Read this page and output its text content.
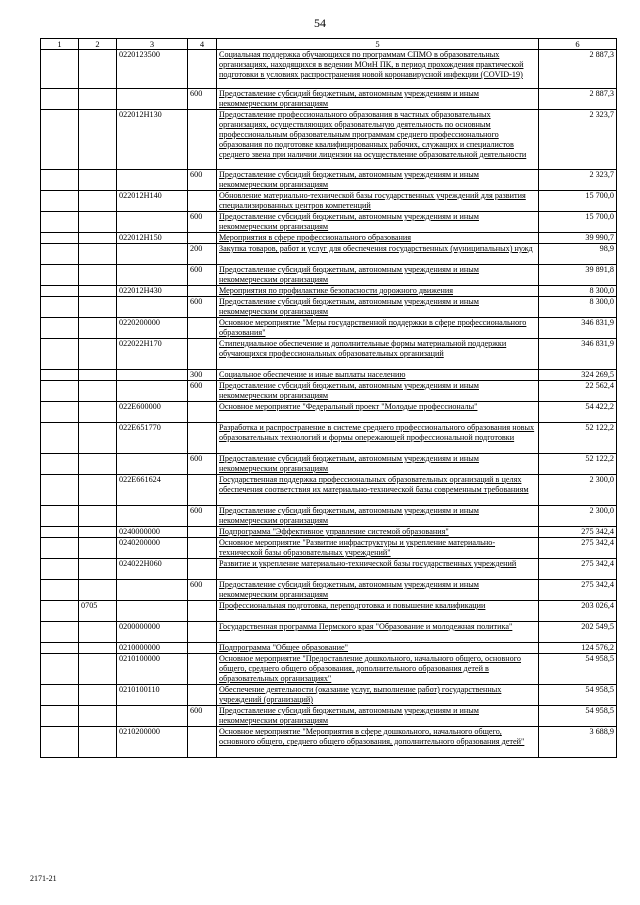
54
1	2	3	4	5	6
		0220123500		Социальная поддержка обучающихся по программам СПМО в образовательных организациях, находящихся в ведении МОиН ПК, в период прохождения практической подготовки в условиях распространения новой коронавирусной инфекции (COVID-19)	2 887,3
			600	Предоставление субсидий бюджетным, автономным учреждениям и иным некоммерческим организациям	2 887,3
		022012Н130		Предоставление профессионального образования в частных образовательных организациях, осуществляющих образовательную деятельность по основным профессиональным образовательным программам среднего профессионального образования по подготовке квалифицированных рабочих, служащих и специалистов среднего звена при наличии лицензии на осуществление образовательной деятельности	2 323,7
			600	Предоставление субсидий бюджетным, автономным учреждениям и иным некоммерческим организациям	2 323,7
		022012Н140		Обновление материально-технической базы государственных учреждений для развития специализированных центров компетенций	15 700,0
			600	Предоставление субсидий бюджетным, автономным учреждениям и иным некоммерческим организациям	15 700,0
		022012Н150		Мероприятия в сфере профессионального образования	39 990,7
			200	Закупка товаров, работ и услуг для обеспечения государственных (муниципальных) нужд	98,9
			600	Предоставление субсидий бюджетным, автономным учреждениям и иным некоммерческим организациям	39 891,8
		022012Н430		Мероприятия по профилактике безопасности дорожного движения	8 300,0
			600	Предоставление субсидий бюджетным, автономным учреждениям и иным некоммерческим организациям	8 300,0
		0220200000		Основное мероприятие "Меры государственной поддержки в сфере профессионального образования"	346 831,9
		022022Н170		Стипендиальное обеспечение и дополнительные формы материальной поддержки обучающихся профессиональных образовательных организаций	346 831,9
			300	Социальное обеспечение и иные выплаты населению	324 269,5
			600	Предоставление субсидий бюджетным, автономным учреждениям и иным некоммерческим организациям	22 562,4
		022Е600000		Основное мероприятие "Федеральный проект "Молодые профессионалы"	54 422,2
		022Е651770		Разработка и распространение в системе среднего профессионального образования новых образовательных технологий и формы опережающей профессиональной подготовки	52 122,2
			600	Предоставление субсидий бюджетным, автономным учреждениям и иным некоммерческим организациям	52 122,2
		022Е661624		Государственная поддержка профессиональных образовательных организаций в целях обеспечения соответствия их материально-технической базы современным требованиям	2 300,0
			600	Предоставление субсидий бюджетным, автономным учреждениям и иным некоммерческим организациям	2 300,0
		0240000000		Подпрограмма "Эффективное управление системой образования"	275 342,4
		0240200000		Основное мероприятие "Развитие инфраструктуры и укрепление материально-технической базы образовательных учреждений"	275 342,4
		024022Н060		Развитие и укрепление материально-технической базы государственных учреждений	275 342,4
			600	Предоставление субсидий бюджетным, автономным учреждениям и иным некоммерческим организациям	275 342,4
	0705			Профессиональная подготовка, переподготовка и повышение квалификации	203 026,4
		0200000000		Государственная программа Пермского края "Образование и молодежная политика"	202 549,5
		0210000000		Подпрограмма "Общее образование"	124 576,2
		0210100000		Основное мероприятие "Предоставление дошкольного, начального общего, основного общего, среднего общего образования, дополнительного образования детей в образовательных организациях"	54 958,5
		0210100110		Обеспечение деятельности (оказание услуг, выполнение работ) государственных учреждений (организаций)	54 958,5
			600	Предоставление субсидий бюджетным, автономным учреждениям и иным некоммерческим организациям	54 958,5
		0210200000		Основное мероприятие "Мероприятия в сфере дошкольного, начального общего, основного общего, среднего общего образования, дополнительного образования детей"	3 688,9
2171-21
